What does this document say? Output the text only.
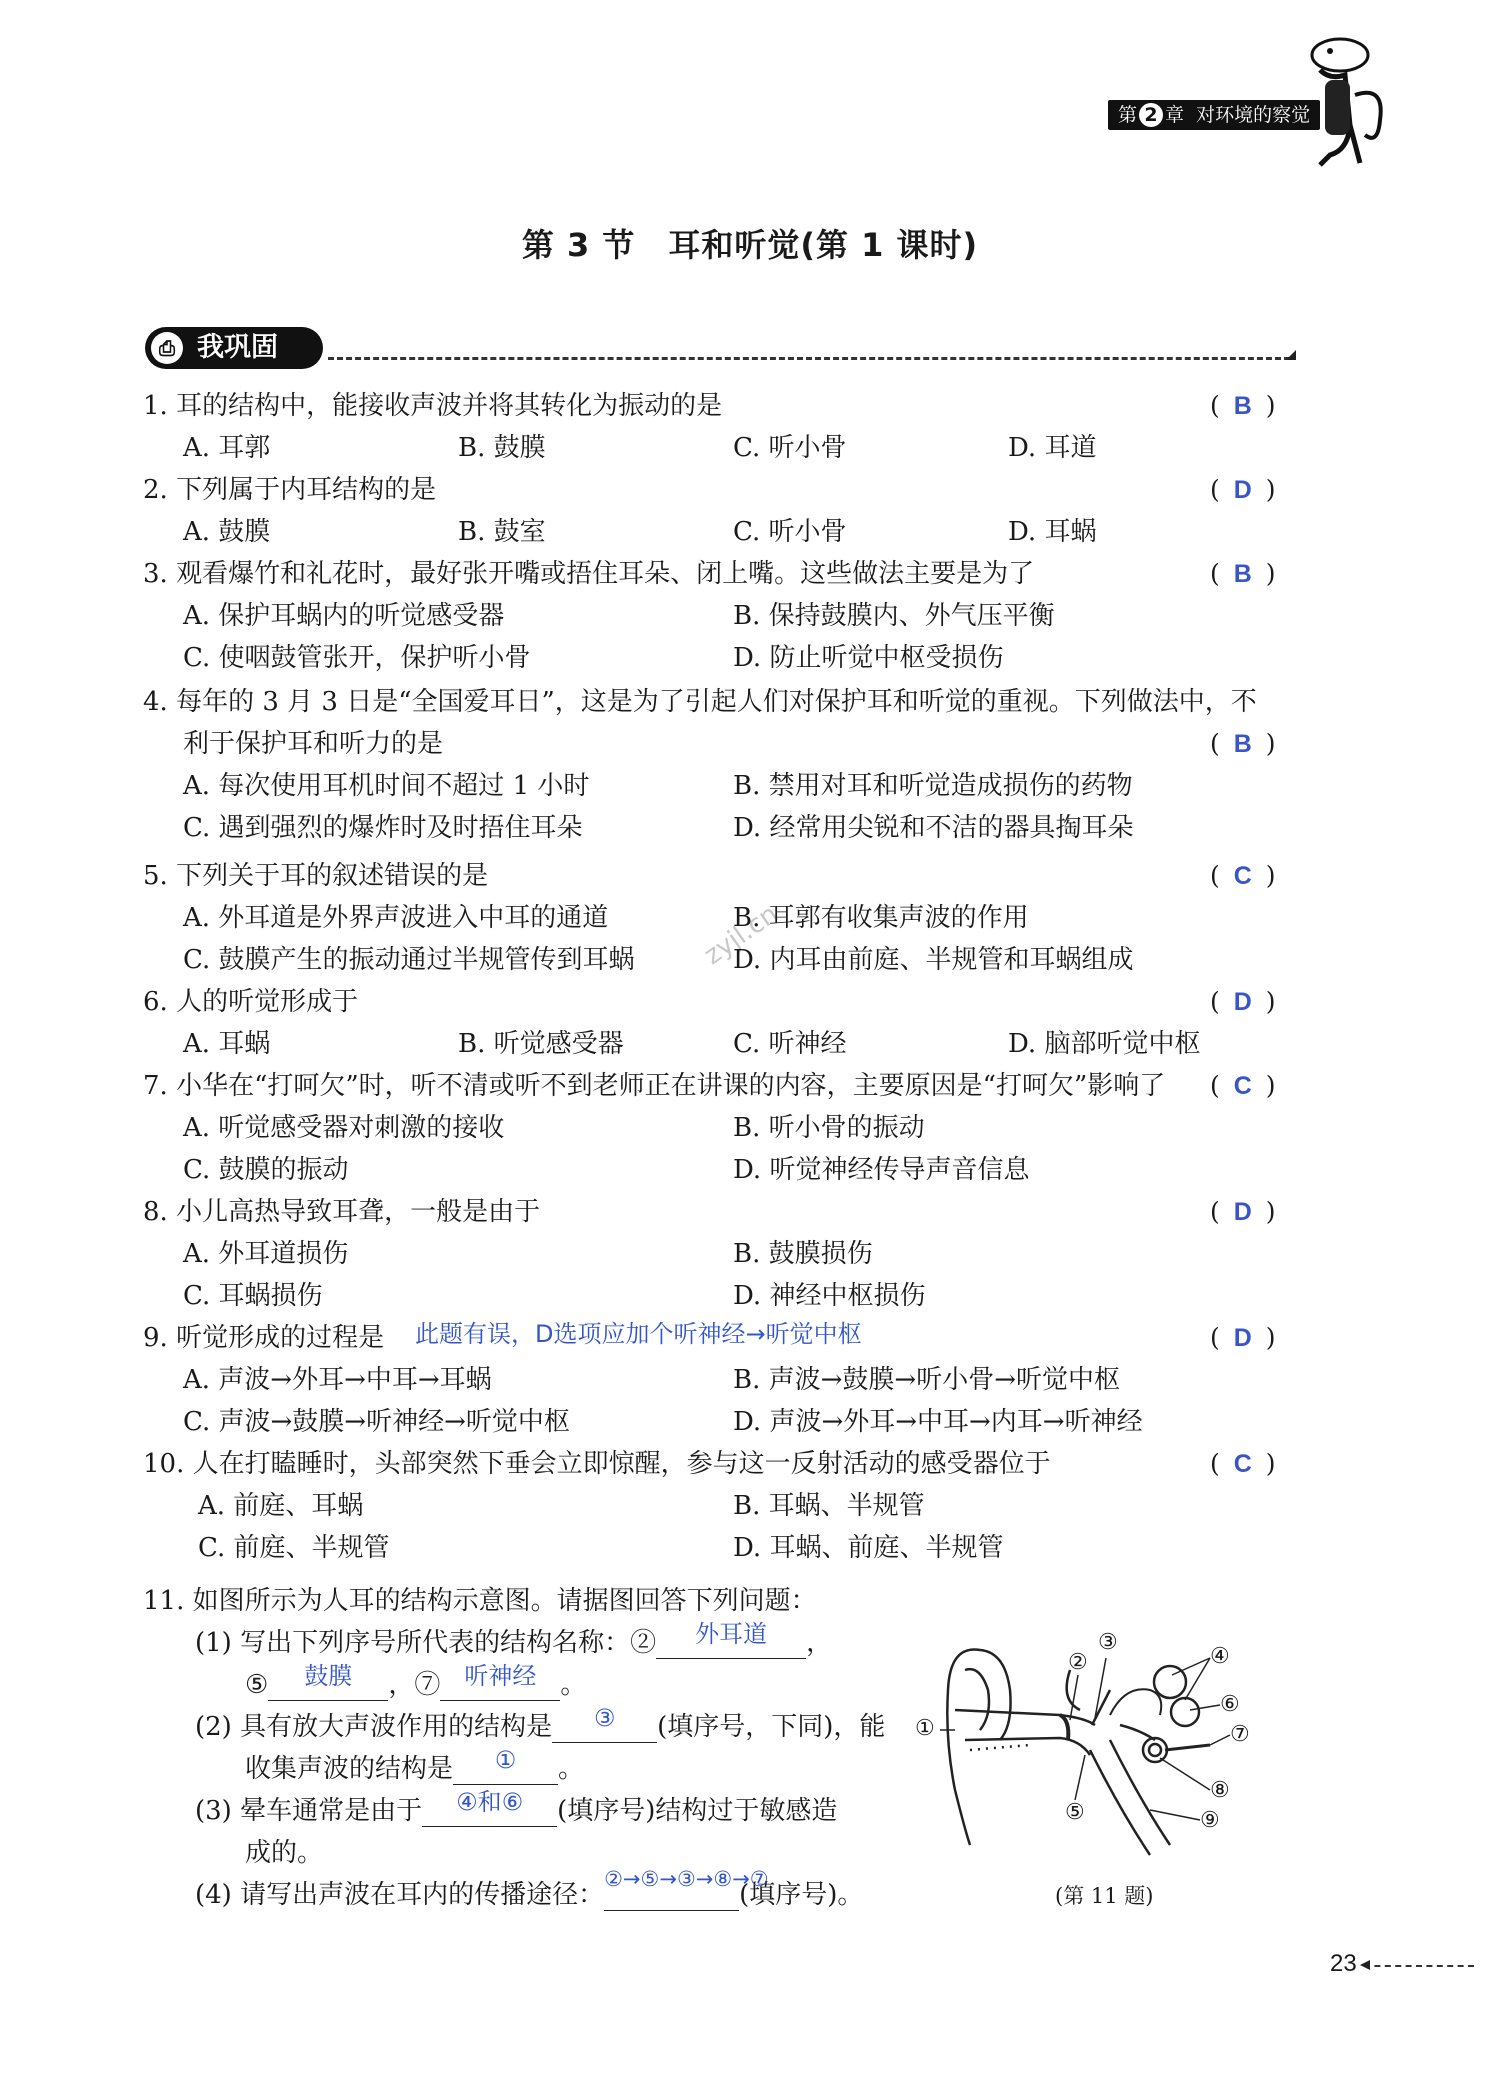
第 2 章 对环境的察觉
第 3 节　耳和听觉(第 1 课时)
⎙ 我巩固
zyjl.cn
1. 耳的结构中，能接收声波并将其转化为振动的是	( B )
A. 耳郭	B. 鼓膜	C. 听小骨	D. 耳道
2. 下列属于内耳结构的是	( D )
A. 鼓膜	B. 鼓室	C. 听小骨	D. 耳蜗
3. 观看爆竹和礼花时，最好张开嘴或捂住耳朵、闭上嘴。这些做法主要是为了	( B )
A. 保护耳蜗内的听觉感受器	B. 保持鼓膜内、外气压平衡
C. 使咽鼓管张开，保护听小骨	D. 防止听觉中枢受损伤
4. 每年的 3 月 3 日是“全国爱耳日”，这是为了引起人们对保护耳和听觉的重视。下列做法中，不
利于保护耳和听力的是	( B )
A. 每次使用耳机时间不超过 1 小时	B. 禁用对耳和听觉造成损伤的药物
C. 遇到强烈的爆炸时及时捂住耳朵	D. 经常用尖锐和不洁的器具掏耳朵
5. 下列关于耳的叙述错误的是	( C )
A. 外耳道是外界声波进入中耳的通道	B. 耳郭有收集声波的作用
C. 鼓膜产生的振动通过半规管传到耳蜗	D. 内耳由前庭、半规管和耳蜗组成
6. 人的听觉形成于	( D )
A. 耳蜗	B. 听觉感受器	C. 听神经	D. 脑部听觉中枢
7. 小华在“打呵欠”时，听不清或听不到老师正在讲课的内容，主要原因是“打呵欠”影响了 ( C )
A. 听觉感受器对刺激的接收	B. 听小骨的振动
C. 鼓膜的振动	D. 听觉神经传导声音信息
8. 小儿高热导致耳聋，一般是由于	( D )
A. 外耳道损伤	B. 鼓膜损伤
C. 耳蜗损伤	D. 神经中枢损伤
9. 听觉形成的过程是 此题有误，D选项应加个听神经→听觉中枢	( D )
A. 声波→外耳→中耳→耳蜗	B. 声波→鼓膜→听小骨→听觉中枢
C. 声波→鼓膜→听神经→听觉中枢	D. 声波→外耳→中耳→内耳→听神经
10. 人在打瞌睡时，头部突然下垂会立即惊醒，参与这一反射活动的感受器位于	( C )
A. 前庭、耳蜗	B. 耳蜗、半规管
C. 前庭、半规管	D. 耳蜗、前庭、半规管
11. 如图所示为人耳的结构示意图。请据图回答下列问题：
(1) 写出下列序号所代表的结构名称：② 外耳道 ，
⑤ 鼓膜 ，⑦ 听神经 。
(2) 具有放大声波作用的结构是 ③ (填序号，下同)，能
收集声波的结构是 ① 。
(3) 晕车通常是由于 ④和⑥ (填序号)结构过于敏感造
成的。
(4) 请写出声波在耳内的传播途径：②→⑤→③→⑧→⑦(填序号)。
①
②
③
④
⑤
⑥
⑦
⑧
⑨
(第 11 题)
23
